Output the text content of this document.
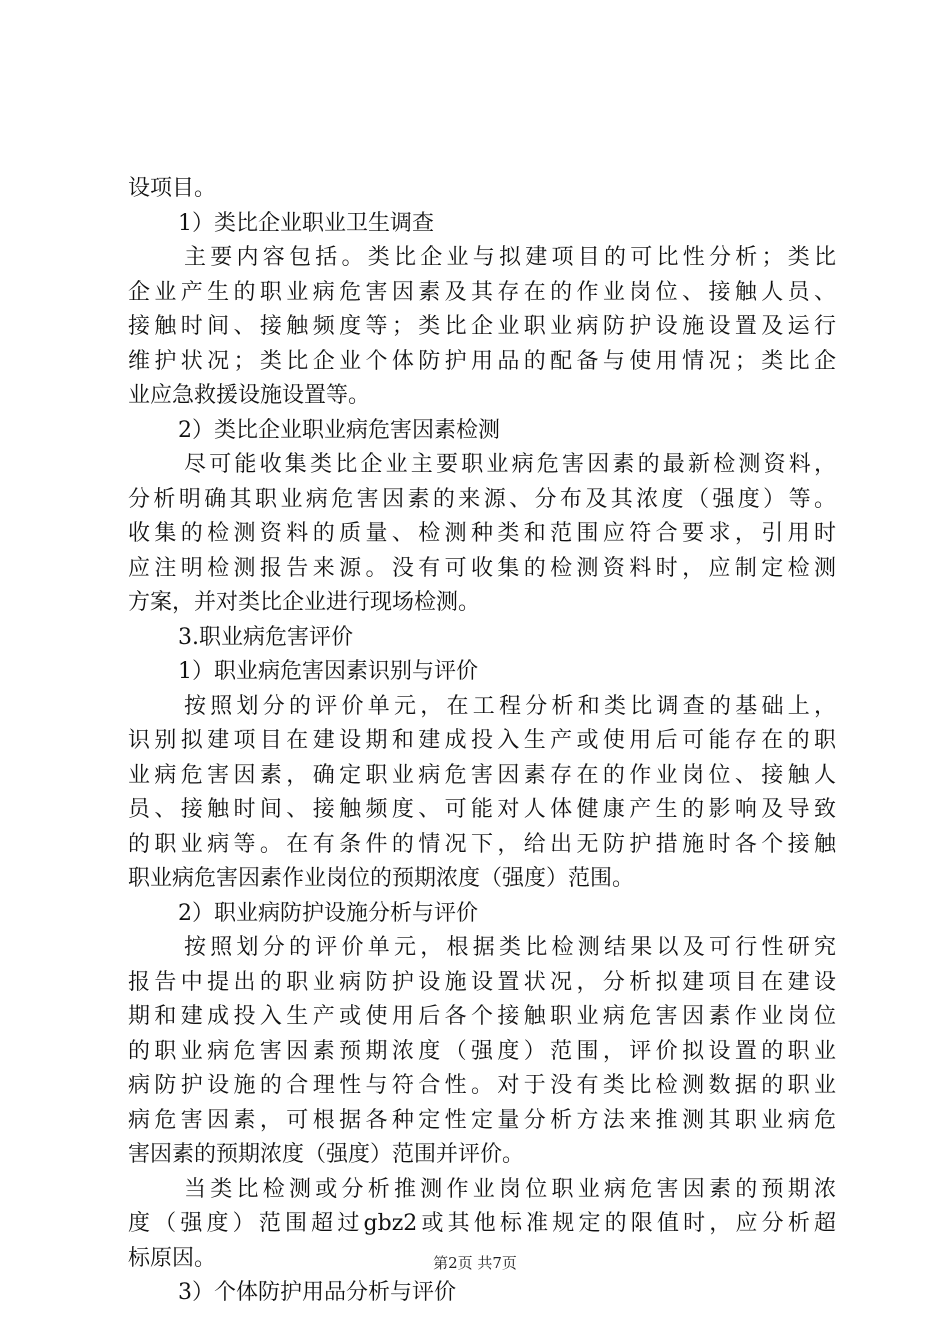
设项目。
1）类比企业职业卫生调查
主要内容包括。类比企业与拟建项目的可比性分析；类比
企业产生的职业病危害因素及其存在的作业岗位、接触人员、
接触时间、接触频度等；类比企业职业病防护设施设置及运行
维护状况；类比企业个体防护用品的配备与使用情况；类比企
业应急救援设施设置等。
2）类比企业职业病危害因素检测
尽可能收集类比企业主要职业病危害因素的最新检测资料，
分析明确其职业病危害因素的来源、分布及其浓度（强度）等。
收集的检测资料的质量、检测种类和范围应符合要求，引用时
应注明检测报告来源。没有可收集的检测资料时，应制定检测
方案，并对类比企业进行现场检测。
3.职业病危害评价
1）职业病危害因素识别与评价
按照划分的评价单元，在工程分析和类比调查的基础上，
识别拟建项目在建设期和建成投入生产或使用后可能存在的职
业病危害因素，确定职业病危害因素存在的作业岗位、接触人
员、接触时间、接触频度、可能对人体健康产生的影响及导致
的职业病等。在有条件的情况下，给出无防护措施时各个接触
职业病危害因素作业岗位的预期浓度（强度）范围。
2）职业病防护设施分析与评价
按照划分的评价单元，根据类比检测结果以及可行性研究
报告中提出的职业病防护设施设置状况，分析拟建项目在建设
期和建成投入生产或使用后各个接触职业病危害因素作业岗位
的职业病危害因素预期浓度（强度）范围，评价拟设置的职业
病防护设施的合理性与符合性。对于没有类比检测数据的职业
病危害因素，可根据各种定性定量分析方法来推测其职业病危
害因素的预期浓度（强度）范围并评价。
当类比检测或分析推测作业岗位职业病危害因素的预期浓
度（强度）范围超过gbz2或其他标准规定的限值时，应分析超
标原因。
3）个体防护用品分析与评价
第2页 共7页
